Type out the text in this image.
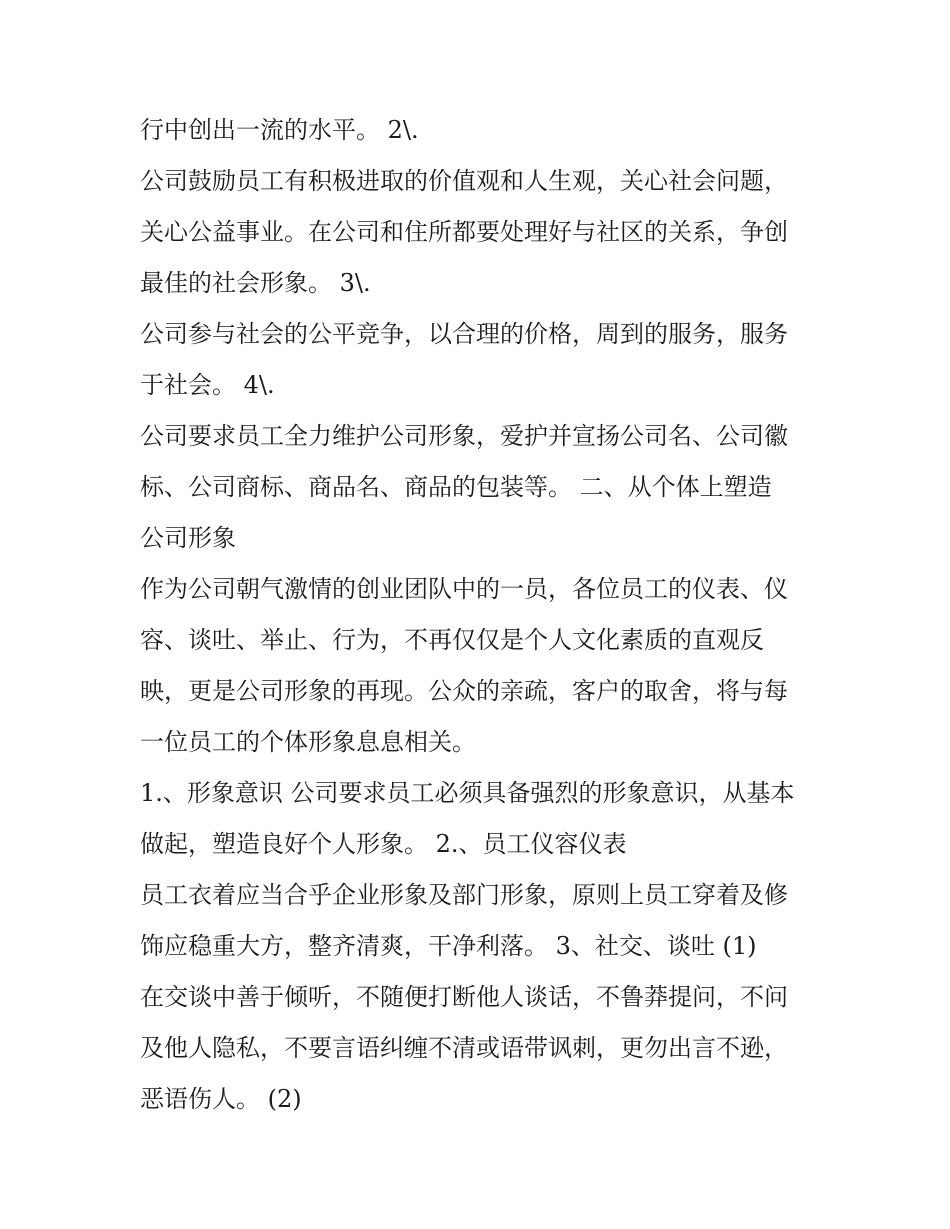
行中创出一流的水平。 2\.

公司鼓励员工有积极进取的价值观和人生观，关心社会问题，

关心公益事业。在公司和住所都要处理好与社区的关系，争创

最佳的社会形象。 3\.

公司参与社会的公平竞争，以合理的价格，周到的服务，服务

于社会。 4\.

公司要求员工全力维护公司形象，爱护并宣扬公司名、公司徽

标、公司商标、商品名、商品的包装等。 二、从个体上塑造

公司形象

作为公司朝气激情的创业团队中的一员，各位员工的仪表、仪

容、谈吐、举止、行为，不再仅仅是个人文化素质的直观反

映，更是公司形象的再现。公众的亲疏，客户的取舍，将与每

一位员工的个体形象息息相关。

1.、形象意识 公司要求员工必须具备强烈的形象意识，从基本

做起，塑造良好个人形象。 2.、员工仪容仪表

员工衣着应当合乎企业形象及部门形象，原则上员工穿着及修

饰应稳重大方，整齐清爽，干净利落。 3、社交、谈吐 (1)

在交谈中善于倾听，不随便打断他人谈话，不鲁莽提问，不问

及他人隐私，不要言语纠缠不清或语带讽刺，更勿出言不逊，

恶语伤人。 (2)
